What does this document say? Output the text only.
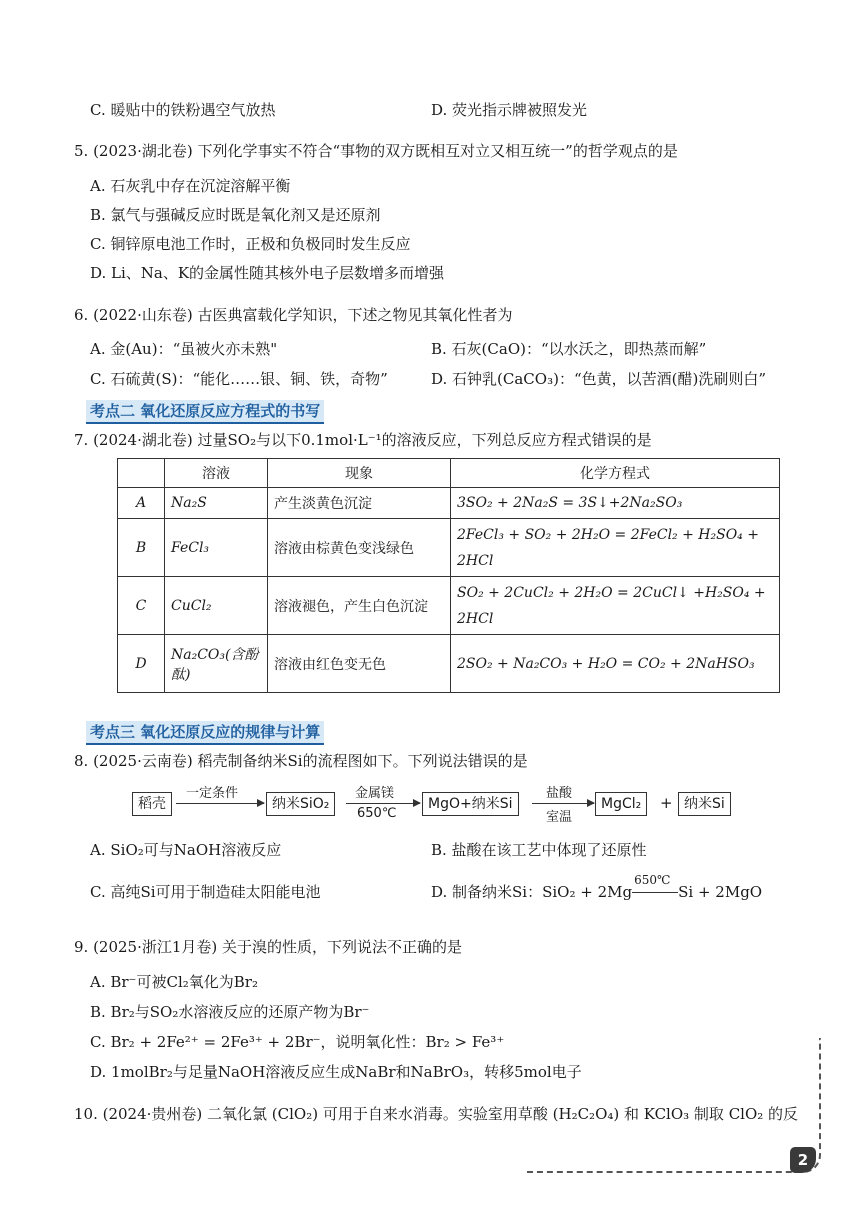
C. 暖贴中的铁粉遇空气放热	D. 荧光指示牌被照发光
5. (2023·湖北卷) 下列化学事实不符合“事物的双方既相互对立又相互统一”的哲学观点的是
A. 石灰乳中存在沉淀溶解平衡
B. 氯气与强碱反应时既是氧化剂又是还原剂
C. 铜锌原电池工作时，正极和负极同时发生反应
D. Li、Na、K的金属性随其核外电子层数增多而增强
6. (2022·山东卷) 古医典富载化学知识，下述之物见其氧化性者为
A. 金(Au)：“虽被火亦未熟"	B. 石灰(CaO)：“以水沃之，即热蒸而解”
C. 石硫黄(S)：“能化……银、铜、铁，奇物”	D. 石钟乳(CaCO₃)：“色黄，以苦酒(醋)洗刷则白”
考点二 氧化还原反应方程式的书写
7. (2024·湖北卷) 过量SO₂与以下0.1mol·L⁻¹的溶液反应，下列总反应方程式错误的是
	溶液	现象	化学方程式
A	Na₂S	产生淡黄色沉淀	3SO₂ + 2Na₂S = 3S↓+2Na₂SO₃
B	FeCl₃	溶液由棕黄色变浅绿色	2FeCl₃ + SO₂ + 2H₂O = 2FeCl₂ + H₂SO₄ + 2HCl
C	CuCl₂	溶液褪色，产生白色沉淀	SO₂ + 2CuCl₂ + 2H₂O = 2CuCl↓ +H₂SO₄ + 2HCl
D	Na₂CO₃(含酚酞)	溶液由红色变无色	2SO₂ + Na₂CO₃ + H₂O = CO₂ + 2NaHSO₃
考点三 氧化还原反应的规律与计算
8. (2025·云南卷) 稻壳制备纳米Si的流程图如下。下列说法错误的是
稻壳
一定条件
纳米SiO₂
金属镁
650℃
MgO+纳米Si
盐酸
室温
MgCl₂	+ 纳米Si
A. SiO₂可与NaOH溶液反应	B. 盐酸在该工艺中体现了还原性
C. 高纯Si可用于制造硅太阳能电池	D. 制备纳米Si：SiO₂ + 2Mg
650℃
Si + 2MgO
9. (2025·浙江1月卷) 关于溴的性质，下列说法不正确的是
A. Br⁻可被Cl₂氧化为Br₂
B. Br₂与SO₂水溶液反应的还原产物为Br⁻
C. Br₂ + 2Fe²⁺ = 2Fe³⁺ + 2Br⁻，说明氧化性：Br₂ > Fe³⁺
D. 1molBr₂与足量NaOH溶液反应生成NaBr和NaBrO₃，转移5mol电子
10. (2024·贵州卷) 二氧化氯 (ClO₂) 可用于自来水消毒。实验室用草酸 (H₂C₂O₄) 和 KClO₃ 制取 ClO₂ 的反
2
